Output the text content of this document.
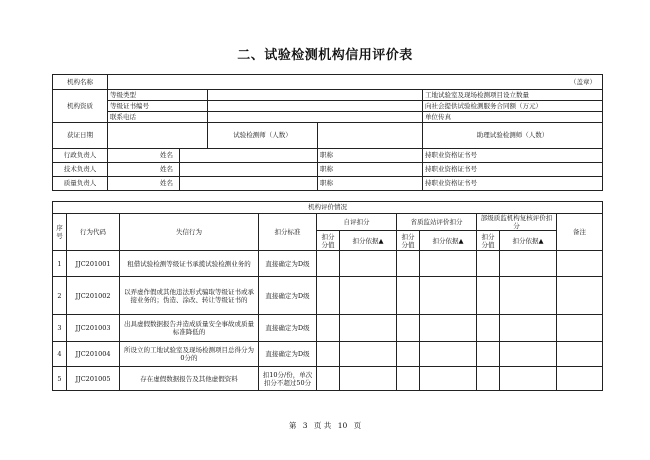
二、试验检测机构信用评价表
机构名称	（盖章）				
机构资质	等级类型				工地试验室及现场检测项目设立数量
	等级证书编号				向社会提供试验检测服务合同额（万元）
	联系电话				单位传真
获证日期			试验检测师（人数）		助理试验检测师（人数）
行政负责人	姓名			职称	持职业资格证书号
技术负责人	姓名			职称	持职业资格证书号
质量负责人	姓名			职称	持职业资格证书号
机构评价情况										
序号	行为代码	失信行为	扣分标准	自评扣分		省质监站评价扣分		部级质监机构复核评价扣分		备注
				扣分分值	扣分依据▲	扣分分值	扣分依据▲	扣分分值	扣分依据▲	
1	JJC201001	租借试验检测等级证书承揽试验检测业务的	直接确定为D级							
2	JJC201002	以弄虚作假或其他违法形式骗取等级证书或承接业务的；伪造、涂改、转让等级证书的	直接确定为D级							
3	JJC201003	出具虚假数据报告并造成质量安全事故或质量标准降低的	直接确定为D级							
4	JJC201004	所设立的工地试验室及现场检测项目总得分为0分的	直接确定为D级							
5	JJC201005	存在虚假数据报告及其他虚假资料	扣10分/份，单次扣分不超过50分							
第 3 页 共 10 页
